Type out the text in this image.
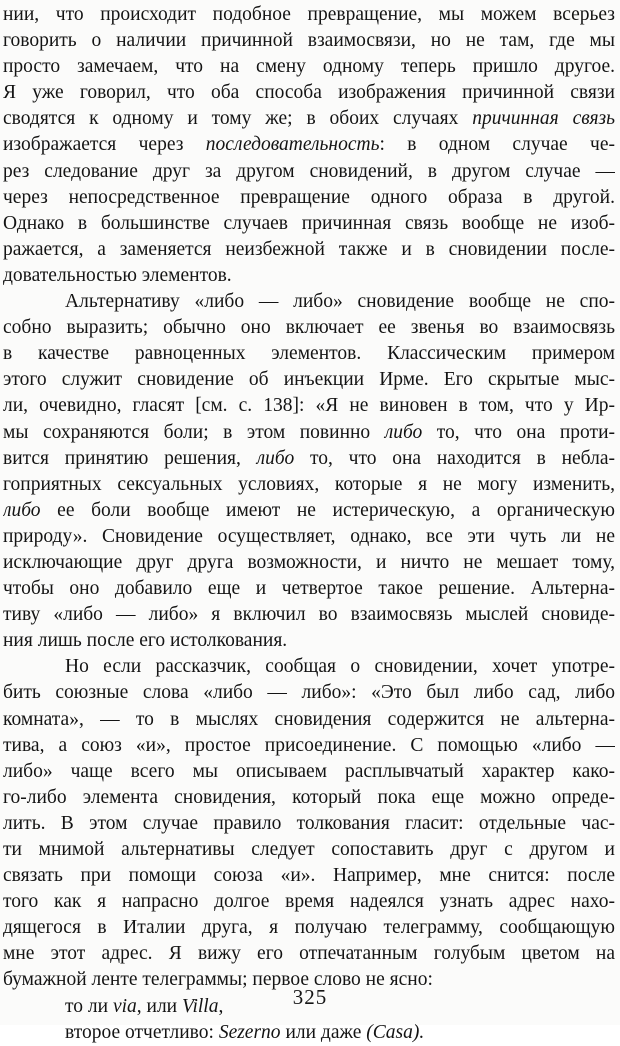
нии, что происходит подобное превращение, мы можем всерьез
говорить о наличии причинной взаимосвязи, но не там, где мы
просто замечаем, что на смену одному теперь пришло другое.
Я уже говорил, что оба способа изображения причинной связи
сводятся к одному и тому же; в обоих случаях причинная связь
изображается через последовательность: в одном случае че-
рез следование друг за другом сновидений, в другом случае —
через непосредственное превращение одного образа в другой.
Однако в большинстве случаев причинная связь вообще не изоб-
ражается, а заменяется неизбежной также и в сновидении после-
довательностью элементов.
Альтернативу «либо — либо» сновидение вообще не спо-
собно выразить; обычно оно включает ее звенья во взаимосвязь
в качестве равноценных элементов. Классическим примером
этого служит сновидение об инъекции Ирме. Его скрытые мыс-
ли, очевидно, гласят [см. с. 138]: «Я не виновен в том, что у Ир-
мы сохраняются боли; в этом повинно либо то, что она проти-
вится принятию решения, либо то, что она находится в небла-
гоприятных сексуальных условиях, которые я не могу изменить,
либо ее боли вообще имеют не истерическую, а органическую
природу». Сновидение осуществляет, однако, все эти чуть ли не
исключающие друг друга возможности, и ничто не мешает тому,
чтобы оно добавило еще и четвертое такое решение. Альтерна-
тиву «либо — либо» я включил во взаимосвязь мыслей сновиде-
ния лишь после его истолкования.
Но если рассказчик, сообщая о сновидении, хочет употре-
бить союзные слова «либо — либо»: «Это был либо сад, либо
комната», — то в мыслях сновидения содержится не альтерна-
тива, а союз «и», простое присоединение. С помощью «либо —
либо» чаще всего мы описываем расплывчатый характер како-
го-либо элемента сновидения, который пока еще можно опреде-
лить. В этом случае правило толкования гласит: отдельные час-
ти мнимой альтернативы следует сопоставить друг с другом и
связать при помощи союза «и». Например, мне снится: после
того как я напрасно долгое время надеялся узнать адрес нахо-
дящегося в Италии друга, я получаю телеграмму, сообщающую
мне этот адрес. Я вижу его отпечатанным голубым цветом на
бумажной ленте телеграммы; первое слово не ясно:
то ли via, или Villa,
второе отчетливо: Sezerno или даже (Casa).
325
